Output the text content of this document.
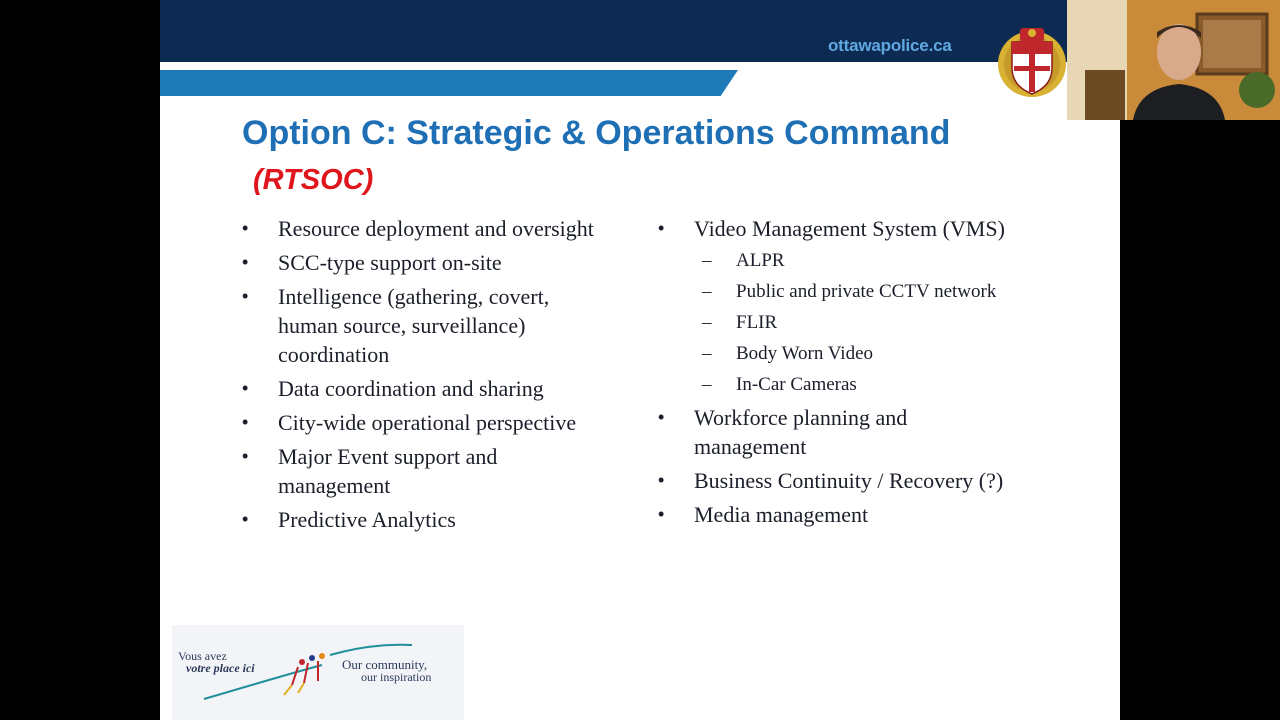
ottawapolice.ca
Option C: Strategic & Operations Command
(RTSOC)
• Resource deployment and oversight
• SCC-type support on-site
• Intelligence (gathering, covert, human source, surveillance) coordination
• Data coordination and sharing
• City-wide operational perspective
• Major Event support and management
• Predictive Analytics
• Video Management System (VMS)
– ALPR
– Public and private CCTV network
– FLIR
– Body Worn Video
– In-Car Cameras
• Workforce planning and management
• Business Continuity / Recovery (?)
• Media management
Vous avez
votre place ici	Our community,
our inspiration
